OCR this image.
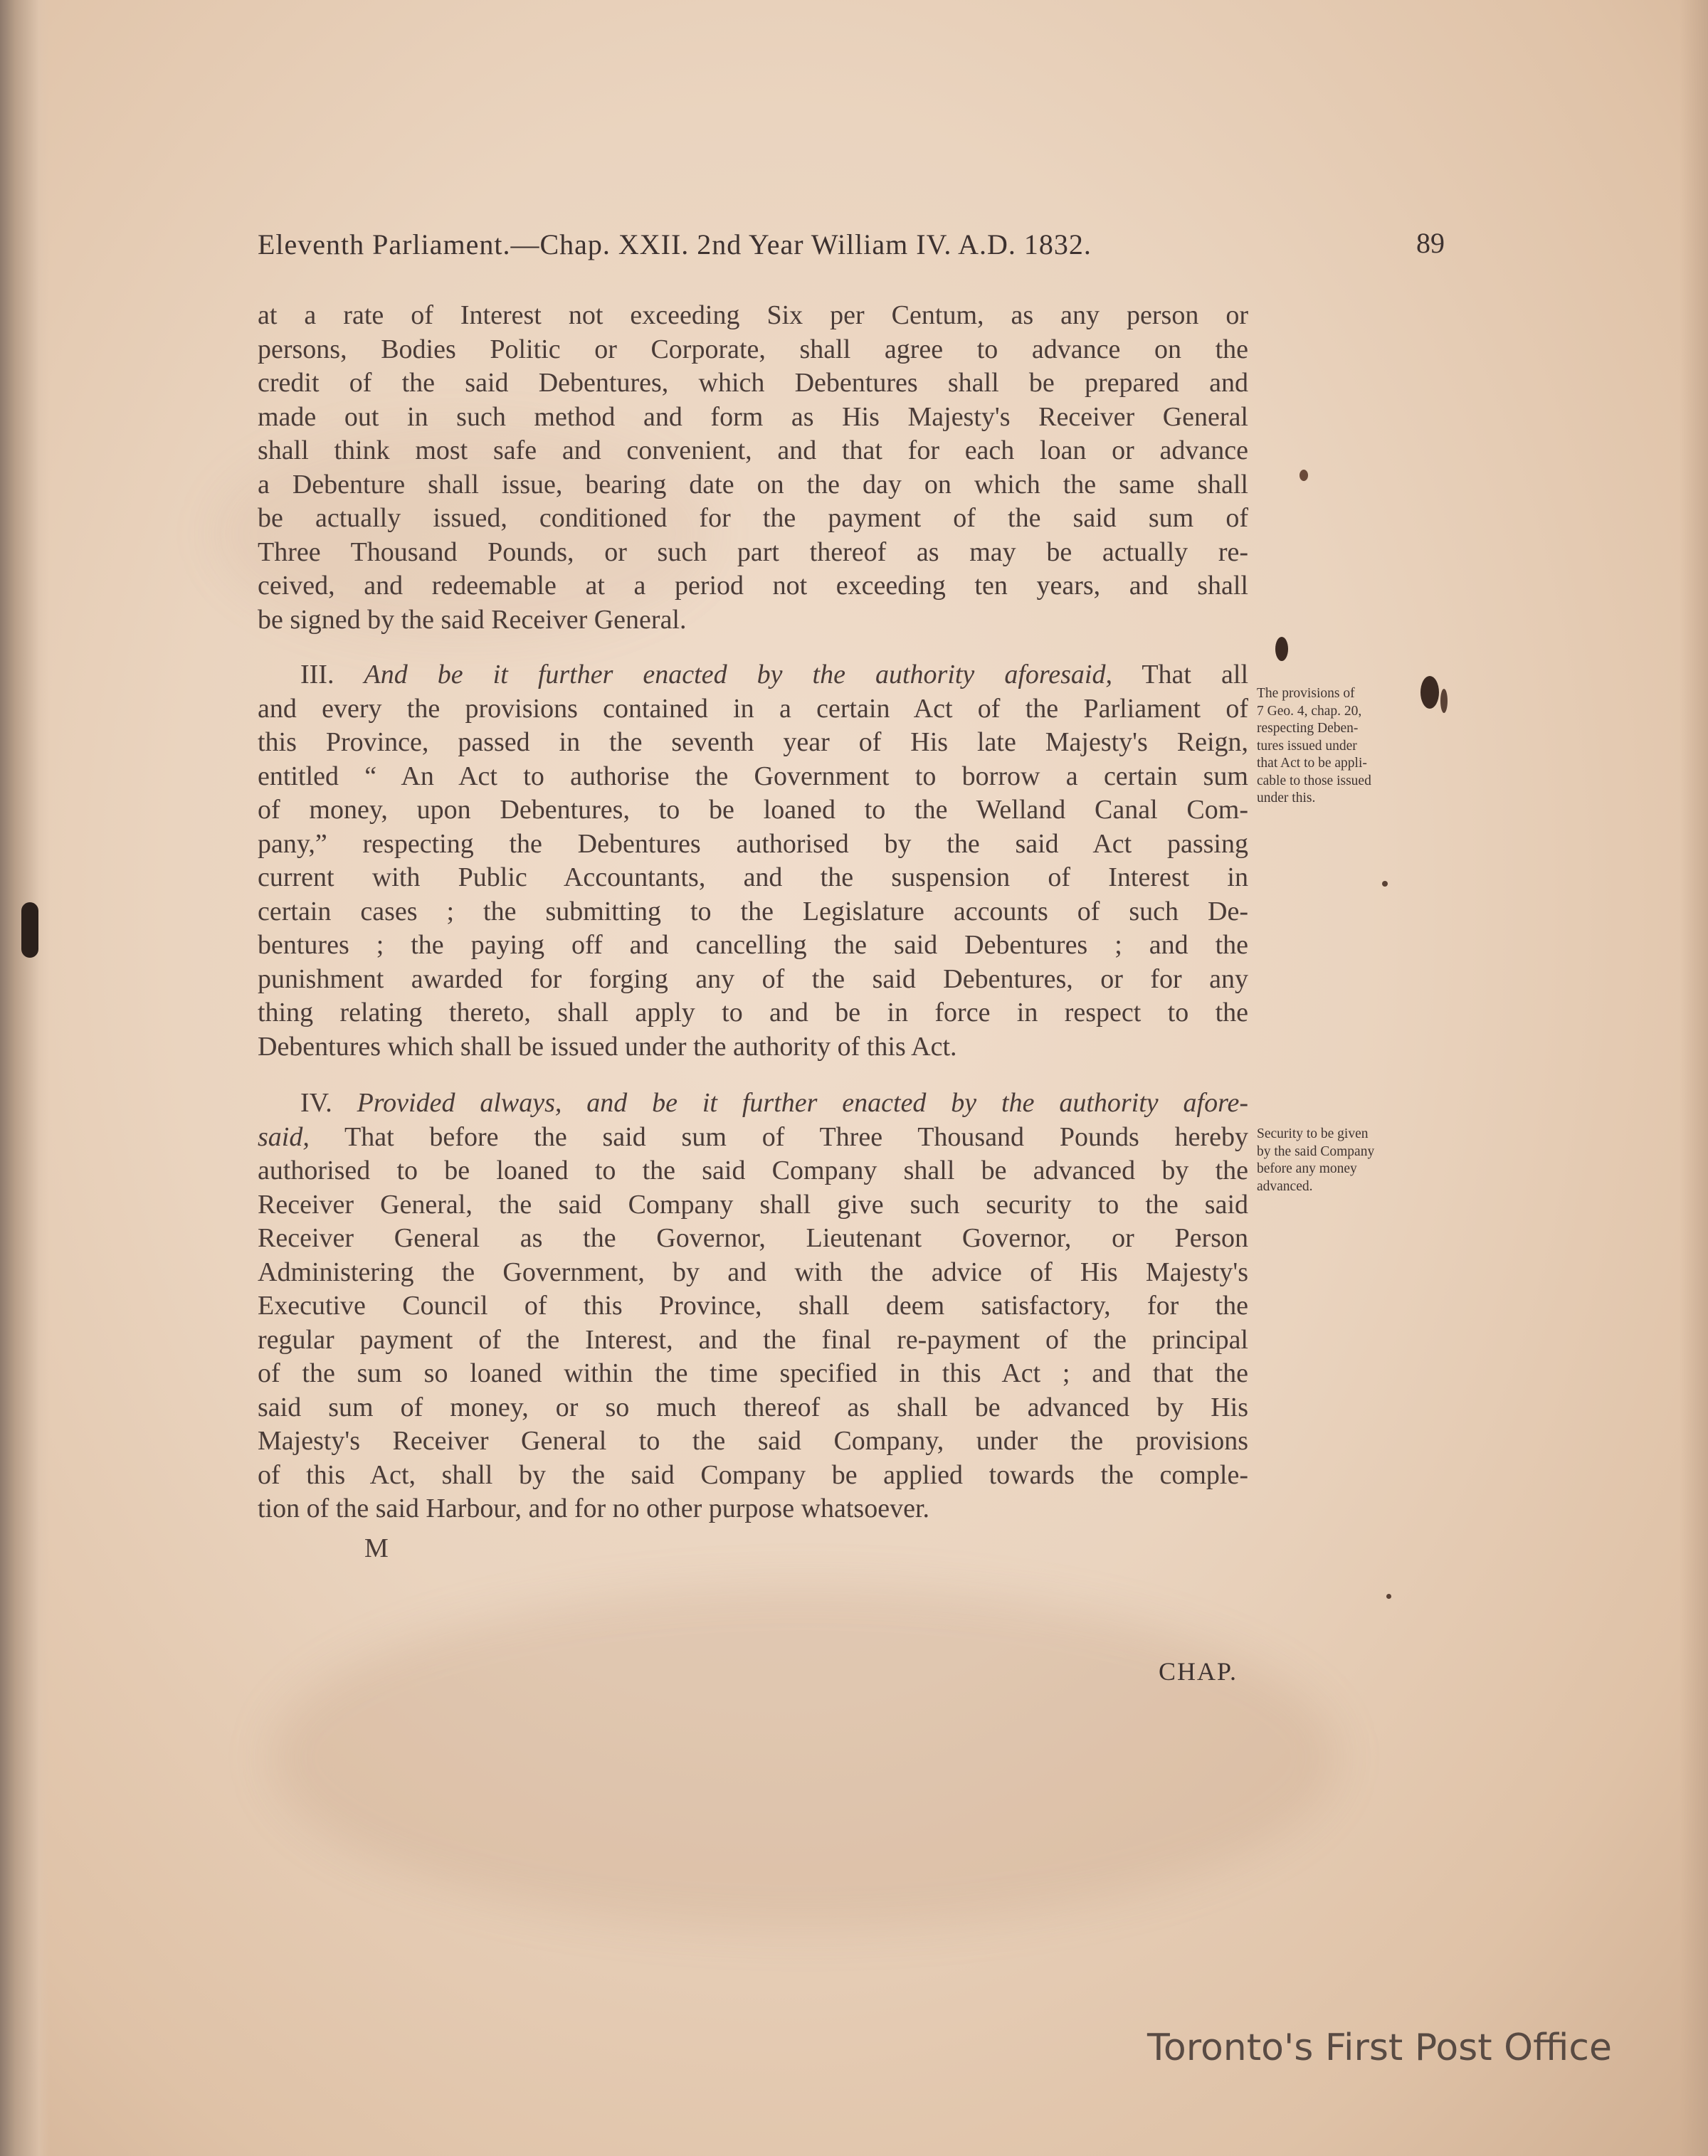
Eleventh Parliament.—Chap. XXII. 2nd Year William IV. A.D. 1832.	89
at a rate of Interest not exceeding Six per Centum, as any person or
persons, Bodies Politic or Corporate, shall agree to advance on the
credit of the said Debentures, which Debentures shall be prepared and
made out in such method and form as His Majesty's Receiver General
shall think most safe and convenient, and that for each loan or advance
a Debenture shall issue, bearing date on the day on which the same shall
be actually issued, conditioned for the payment of the said sum of
Three Thousand Pounds, or such part thereof as may be actually re-
ceived, and redeemable at a period not exceeding ten years, and shall
be signed by the said Receiver General.
III. And be it further enacted by the authority aforesaid, That all
and every the provisions contained in a certain Act of the Parliament of
this Province, passed in the seventh year of His late Majesty's Reign,
entitled “ An Act to authorise the Government to borrow a certain sum
of money, upon Debentures, to be loaned to the Welland Canal Com-
pany,” respecting the Debentures authorised by the said Act passing
current with Public Accountants, and the suspension of Interest in
certain cases ; the submitting to the Legislature accounts of such De-
bentures ; the paying off and cancelling the said Debentures ; and the
punishment awarded for forging any of the said Debentures, or for any
thing relating thereto, shall apply to and be in force in respect to the
Debentures which shall be issued under the authority of this Act.
The provisions of
7 Geo. 4, chap. 20,
respecting Deben-
tures issued under
that Act to be appli-
cable to those issued
under this.
IV. Provided always, and be it further enacted by the authority afore-
said, That before the said sum of Three Thousand Pounds hereby
authorised to be loaned to the said Company shall be advanced by the
Receiver General, the said Company shall give such security to the said
Receiver General as the Governor, Lieutenant Governor, or Person
Administering the Government, by and with the advice of His Majesty's
Executive Council of this Province, shall deem satisfactory, for the
regular payment of the Interest, and the final re-payment of the principal
of the sum so loaned within the time specified in this Act ; and that the
said sum of money, or so much thereof as shall be advanced by His
Majesty's Receiver General to the said Company, under the provisions
of this Act, shall by the said Company be applied towards the comple-
tion of the said Harbour, and for no other purpose whatsoever.
Security to be given
by the said Company
before any money
advanced.
M
CHAP.
Toronto's First Post Office
